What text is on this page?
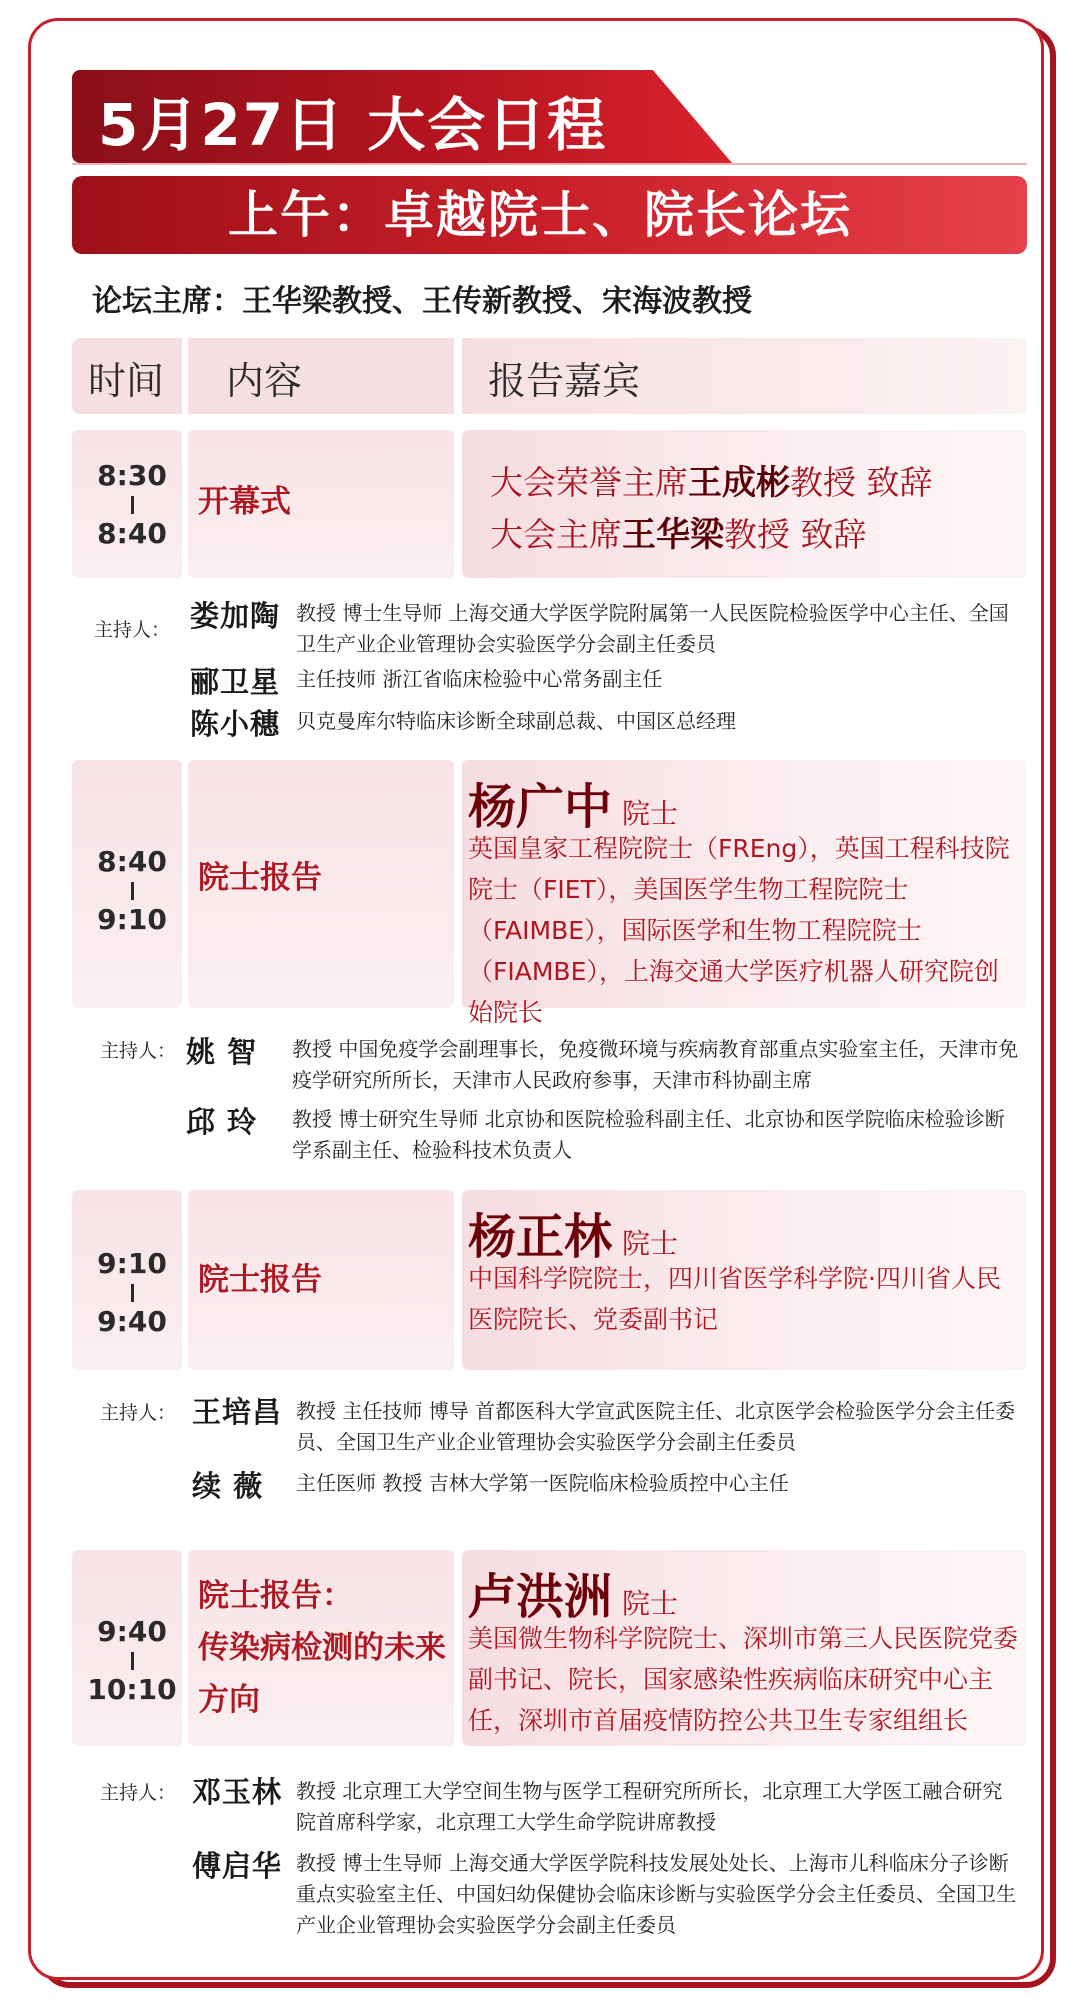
5月27日 大会日程
上午：卓越院士、院长论坛
论坛主席：王华梁教授、王传新教授、宋海波教授
时间 内容	报告嘉宾
8:30
8:40
开幕式	大会荣誉主席王成彬教授 致辞
大会主席王华梁教授 致辞
主持人： 娄加陶 教授 博士生导师 上海交通大学医学院附属第一人民医院检验医学中心主任、全国卫生产业企业管理协会实验医学分会副主任委员
郦卫星 主任技师 浙江省临床检验中心常务副主任
陈小穗 贝克曼库尔特临床诊断全球副总裁、中国区总经理
8:40
9:10
院士报告
杨广中 院士
英国皇家工程院院士（FREng），英国工程科技院院士（FIET），美国医学生物工程院院士（FAIMBE），国际医学和生物工程院院士（FIAMBE），上海交通大学医疗机器人研究院创始院长
主持人： 姚 智 教授 中国免疫学会副理事长，免疫微环境与疾病教育部重点实验室主任，天津市免疫学研究所所长，天津市人民政府参事，天津市科协副主席
邱 玲 教授 博士研究生导师 北京协和医院检验科副主任、北京协和医学院临床检验诊断学系副主任、检验科技术负责人
9:10
9:40
院士报告
杨正林 院士
中国科学院院士，四川省医学科学院·四川省人民医院院长、党委副书记
主持人： 王培昌 教授 主任技师 博导 首都医科大学宣武医院主任、北京医学会检验医学分会主任委员、全国卫生产业企业管理协会实验医学分会副主任委员
续 薇 主任医师 教授 吉林大学第一医院临床检验质控中心主任
9:40
10:10
院士报告：
传染病检测的未来
方向
卢洪洲 院士
美国微生物科学院院士、深圳市第三人民医院党委副书记、院长，国家感染性疾病临床研究中心主任，深圳市首届疫情防控公共卫生专家组组长
主持人： 邓玉林 教授 北京理工大学空间生物与医学工程研究所所长，北京理工大学医工融合研究院首席科学家，北京理工大学生命学院讲席教授
傅启华 教授 博士生导师 上海交通大学医学院科技发展处处长、上海市儿科临床分子诊断重点实验室主任、中国妇幼保健协会临床诊断与实验医学分会主任委员、全国卫生产业企业管理协会实验医学分会副主任委员
